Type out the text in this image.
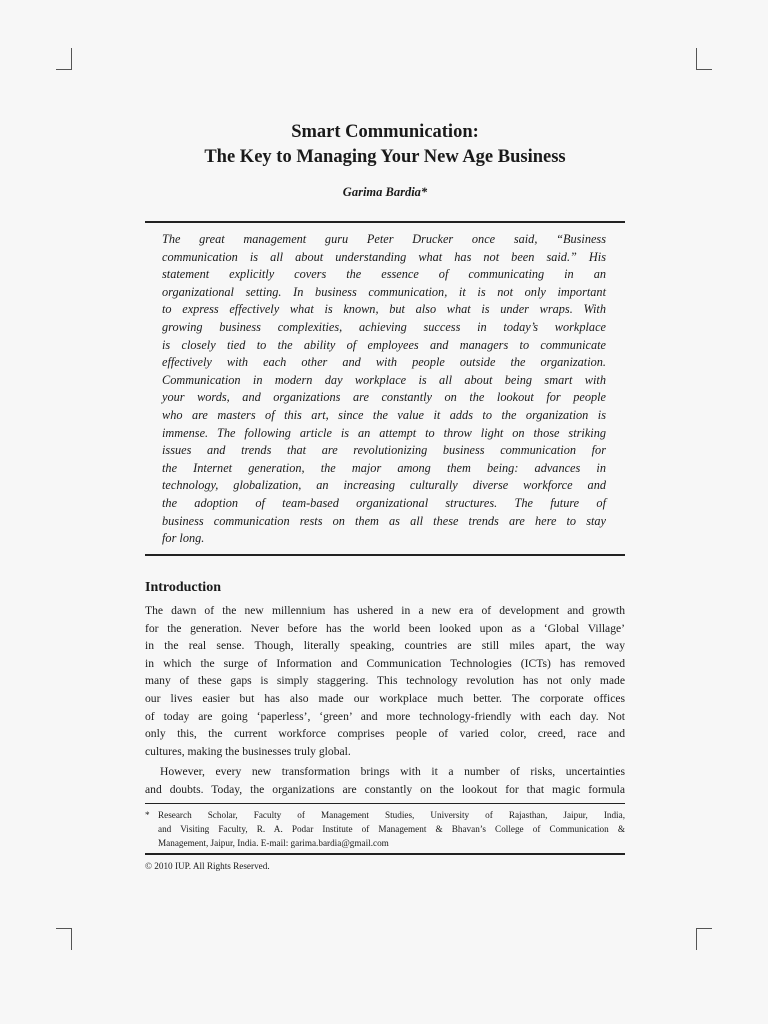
Smart Communication:
The Key to Managing Your New Age Business
Garima Bardia*
The great management guru Peter Drucker once said, “Business
communication is all about understanding what has not been said.” His
statement explicitly covers the essence of communicating in an
organizational setting. In business communication, it is not only important
to express effectively what is known, but also what is under wraps. With
growing business complexities, achieving success in today’s workplace
is closely tied to the ability of employees and managers to communicate
effectively with each other and with people outside the organization.
Communication in modern day workplace is all about being smart with
your words, and organizations are constantly on the lookout for people
who are masters of this art, since the value it adds to the organization is
immense. The following article is an attempt to throw light on those striking
issues and trends that are revolutionizing business communication for
the Internet generation, the major among them being: advances in
technology, globalization, an increasing culturally diverse workforce and
the adoption of team-based organizational structures. The future of
business communication rests on them as all these trends are here to stay
for long.
Introduction
The dawn of the new millennium has ushered in a new era of development and growth
for the generation. Never before has the world been looked upon as a ‘Global Village’
in the real sense. Though, literally speaking, countries are still miles apart, the way
in which the surge of Information and Communication Technologies (ICTs) has removed
many of these gaps is simply staggering. This technology revolution has not only made
our lives easier but has also made our workplace much better. The corporate offices
of today are going ‘paperless’, ‘green’ and more technology-friendly with each day. Not
only this, the current workforce comprises people of varied color, creed, race and
cultures, making the businesses truly global.
However, every new transformation brings with it a number of risks, uncertainties
and doubts. Today, the organizations are constantly on the lookout for that magic formula
* Research Scholar, Faculty of Management Studies, University of Rajasthan, Jaipur, India,
and Visiting Faculty, R. A. Podar Institute of Management & Bhavan’s College of Communication &
Management, Jaipur, India. E-mail: garima.bardia@gmail.com
© 2010 IUP. All Rights Reserved.
